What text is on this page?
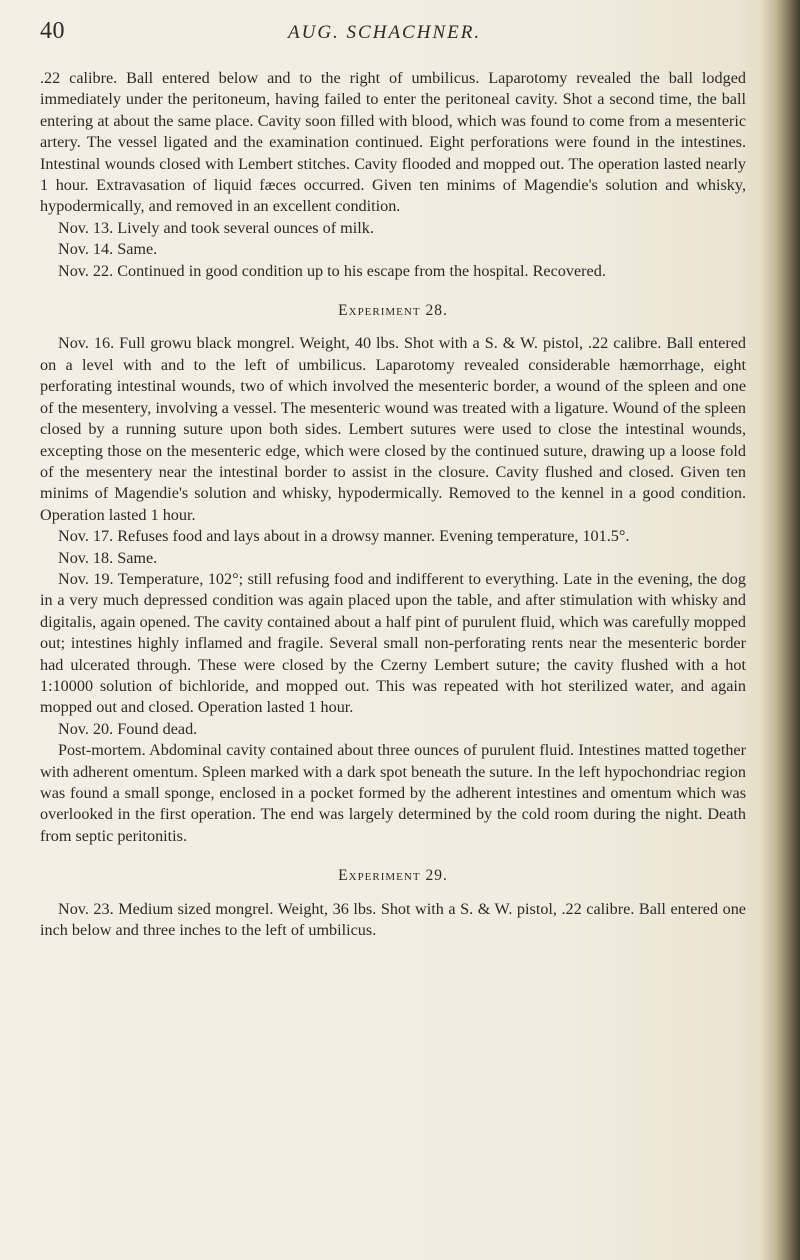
40	AUG. SCHACHNER.

.22 calibre. Ball entered below and to the right of umbilicus. Laparotomy revealed the ball lodged immediately under the peritoneum, having failed to enter the peritoneal cavity. Shot a second time, the ball entering at about the same place. Cavity soon filled with blood, which was found to come from a mesenteric artery. The vessel ligated and the examination continued. Eight perforations were found in the intestines. Intestinal wounds closed with Lembert stitches. Cavity flooded and mopped out. The operation lasted nearly 1 hour. Extravasation of liquid fæces occurred. Given ten minims of Magendie's solution and whisky, hypodermically, and removed in an excellent condition.

Nov. 13. Lively and took several ounces of milk.

Nov. 14. Same.

Nov. 22. Continued in good condition up to his escape from the hospital. Recovered.

Experiment 28.

Nov. 16. Full growu black mongrel. Weight, 40 lbs. Shot with a S. & W. pistol, .22 calibre. Ball entered on a level with and to the left of umbilicus. Laparotomy revealed considerable hæmorrhage, eight perforating intestinal wounds, two of which involved the mesenteric border, a wound of the spleen and one of the mesentery, involving a vessel. The mesenteric wound was treated with a ligature. Wound of the spleen closed by a running suture upon both sides. Lembert sutures were used to close the intestinal wounds, excepting those on the mesenteric edge, which were closed by the continued suture, drawing up a loose fold of the mesentery near the intestinal border to assist in the closure. Cavity flushed and closed. Given ten minims of Magendie's solution and whisky, hypodermically. Removed to the kennel in a good condition. Operation lasted 1 hour.

Nov. 17. Refuses food and lays about in a drowsy manner. Evening temperature, 101.5°.

Nov. 18. Same.

Nov. 19. Temperature, 102°; still refusing food and indifferent to everything. Late in the evening, the dog in a very much depressed condition was again placed upon the table, and after stimulation with whisky and digitalis, again opened. The cavity contained about a half pint of purulent fluid, which was carefully mopped out; intestines highly inflamed and fragile. Several small non-perforating rents near the mesenteric border had ulcerated through. These were closed by the Czerny Lembert suture; the cavity flushed with a hot 1:10000 solution of bichloride, and mopped out. This was repeated with hot sterilized water, and again mopped out and closed. Operation lasted 1 hour.

Nov. 20. Found dead.

Post-mortem. Abdominal cavity contained about three ounces of purulent fluid. Intestines matted together with adherent omentum. Spleen marked with a dark spot beneath the suture. In the left hypochondriac region was found a small sponge, enclosed in a pocket formed by the adherent intestines and omentum which was overlooked in the first operation. The end was largely determined by the cold room during the night. Death from septic peritonitis.

Experiment 29.

Nov. 23. Medium sized mongrel. Weight, 36 lbs. Shot with a S. & W. pistol, .22 calibre. Ball entered one inch below and three inches to the left of umbilicus.
